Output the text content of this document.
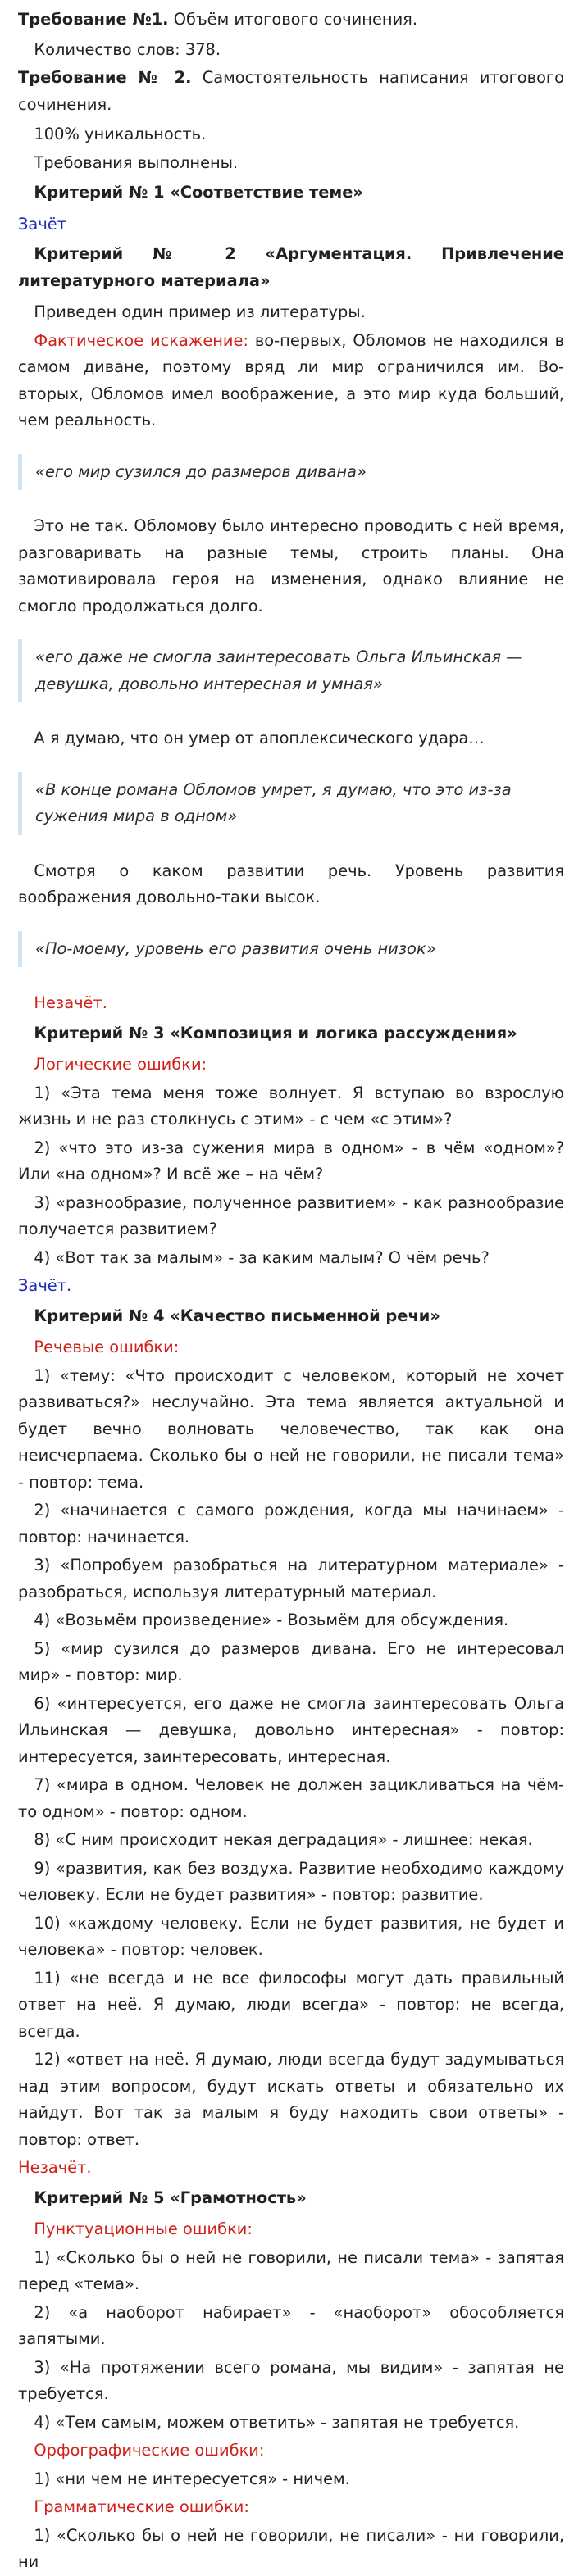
Требование №1. Объём итогового сочинения.

Количество слов: 378.

Требование № 2. Самостоятельность написания итогового сочинения.

100% уникальность.

Требования выполнены.

Критерий № 1 «Соответствие теме»

Зачёт

Критерий № 2 «Аргументация. Привлечение литературного материала»

Приведен один пример из литературы.

Фактическое искажение: во-первых, Обломов не находился в самом диване, поэтому вряд ли мир ограничился им. Во-вторых, Обломов имел воображение, а это мир куда больший, чем реальность.

«его мир сузился до размеров дивана»

Это не так. Обломову было интересно проводить с ней время, разговаривать на разные темы, строить планы. Она замотивировала героя на изменения, однако влияние не смогло продолжаться долго.

«его даже не смогла заинтересовать Ольга Ильинская — девушка, довольно интересная и умная»

А я думаю, что он умер от апоплексического удара…

«В конце романа Обломов умрет, я думаю, что это из-за сужения мира в одном»

Смотря о каком развитии речь. Уровень развития воображения довольно-таки высок.

«По-моему, уровень его развития очень низок»

Незачёт.

Критерий № 3 «Композиция и логика рассуждения»

Логические ошибки:

1) «Эта тема меня тоже волнует. Я вступаю во взрослую жизнь и не раз столкнусь с этим» - с чем «с этим»?

2) «что это из-за сужения мира в одном» - в чём «одном»? Или «на одном»? И всё же – на чём?

3) «разнообразие, полученное развитием» - как разнообразие получается развитием?

4) «Вот так за малым» - за каким малым? О чём речь?

Зачёт.

Критерий № 4 «Качество письменной речи»

Речевые ошибки:

1) «тему: «Что происходит с человеком, который не хочет развиваться?» неслучайно. Эта тема является актуальной и будет вечно волновать человечество, так как она неисчерпаема. Сколько бы о ней не говорили, не писали тема» - повтор: тема.

2) «начинается с самого рождения, когда мы начинаем» - повтор: начинается.

3) «Попробуем разобраться на литературном материале» - разобраться, используя литературный материал.

4) «Возьмём произведение» - Возьмём для обсуждения.

5) «мир сузился до размеров дивана. Его не интересовал мир» - повтор: мир.

6) «интересуется, его даже не смогла заинтересовать Ольга Ильинская — девушка, довольно интересная» - повтор: интересуется, заинтересовать, интересная.

7) «мира в одном. Человек не должен зацикливаться на чём-то одном» - повтор: одном.

8) «С ним происходит некая деградация» - лишнее: некая.

9) «развития, как без воздуха. Развитие необходимо каждому человеку. Если не будет развития» - повтор: развитие.

10) «каждому человеку. Если не будет развития, не будет и человека» - повтор: человек.

11) «не всегда и не все философы могут дать правильный ответ на неё. Я думаю, люди всегда» - повтор: не всегда, всегда.

12) «ответ на неё. Я думаю, люди всегда будут задумываться над этим вопросом, будут искать ответы и обязательно их найдут. Вот так за малым я буду находить свои ответы» - повтор: ответ.

Незачёт.

Критерий № 5 «Грамотность»

Пунктуационные ошибки:

1) «Сколько бы о ней не говорили, не писали тема» - запятая перед «тема».

2) «а наоборот набирает» - «наоборот» обособляется запятыми.

3) «На протяжении всего романа, мы видим» - запятая не требуется.

4) «Тем самым, можем ответить» - запятая не требуется.

Орфографические ошибки:

1) «ни чем не интересуется» - ничем.

Грамматические ошибки:

1) «Сколько бы о ней не говорили, не писали» - ни говорили, ни
